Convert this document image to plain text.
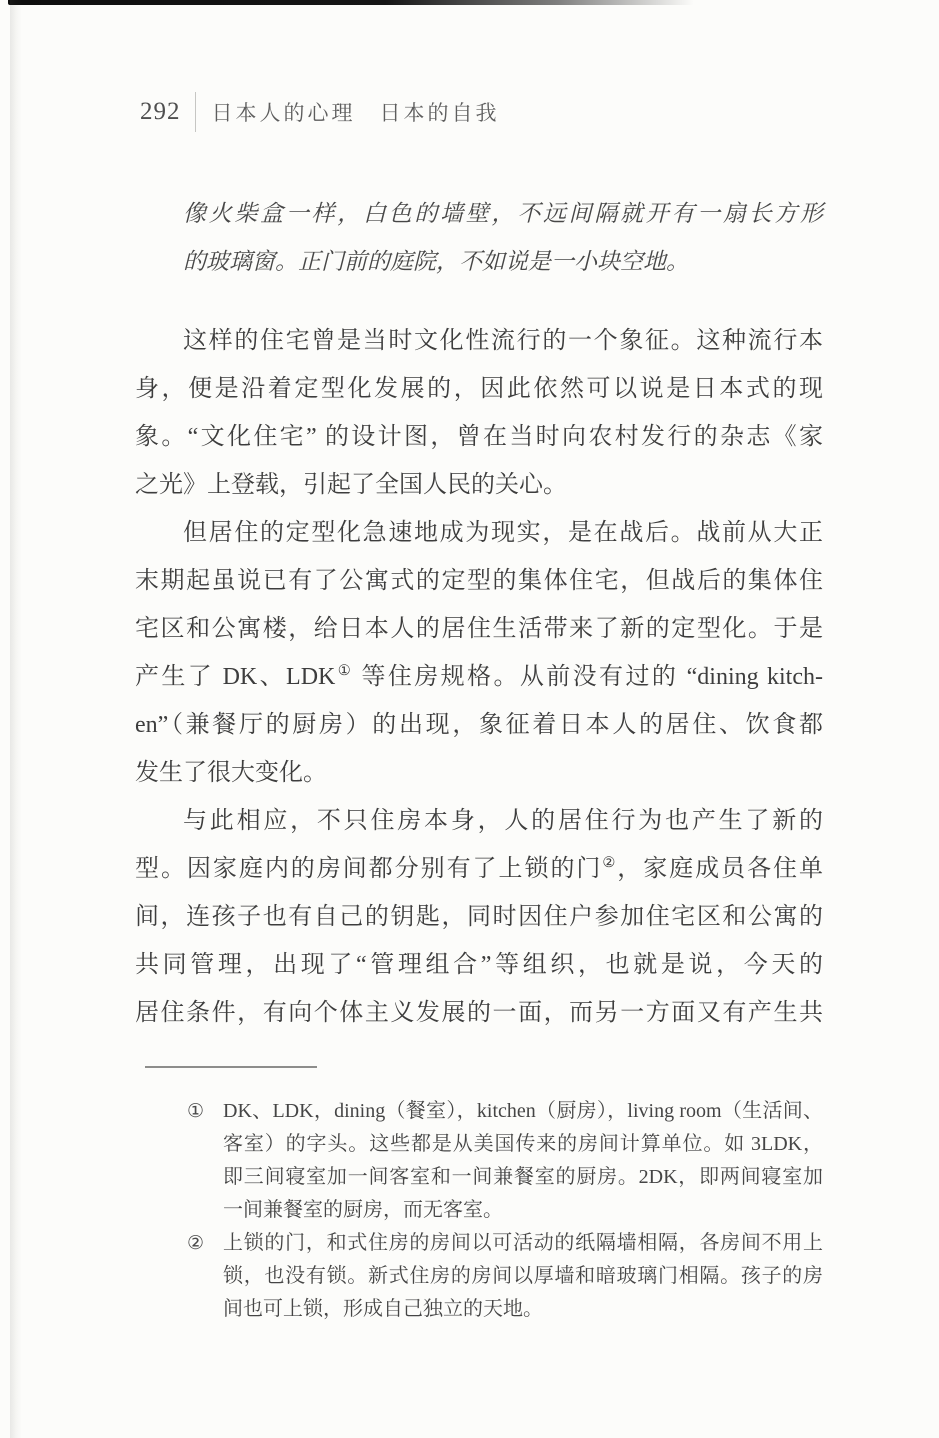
292 日本人的心理　日本的自我
像火柴盒一样，白色的墙壁，不远间隔就开有一扇长方形
的玻璃窗。正门前的庭院，不如说是一小块空地。
这样的住宅曾是当时文化性流行的一个象征。这种流行本
身，便是沿着定型化发展的，因此依然可以说是日本式的现
象。“文化住宅” 的设计图，曾在当时向农村发行的杂志《家
之光》上登载，引起了全国人民的关心。
但居住的定型化急速地成为现实，是在战后。战前从大正
末期起虽说已有了公寓式的定型的集体住宅，但战后的集体住
宅区和公寓楼，给日本人的居住生活带来了新的定型化。于是
产生了 DK、LDK① 等住房规格。从前没有过的 “dining kitch-
en”（兼餐厅的厨房）的出现，象征着日本人的居住、饮食都
发生了很大变化。
与此相应，不只住房本身，人的居住行为也产生了新的
型。因家庭内的房间都分别有了上锁的门②，家庭成员各住单
间，连孩子也有自己的钥匙，同时因住户参加住宅区和公寓的
共同管理，出现了“管理组合”等组织，也就是说，今天的
居住条件，有向个体主义发展的一面，而另一方面又有产生共
① DK、LDK，dining（餐室），kitchen（厨房），living room（生活间、
客室）的字头。这些都是从美国传来的房间计算单位。如 3LDK，
即三间寝室加一间客室和一间兼餐室的厨房。2DK，即两间寝室加
一间兼餐室的厨房，而无客室。
② 上锁的门，和式住房的房间以可活动的纸隔墙相隔，各房间不用上
锁，也没有锁。新式住房的房间以厚墙和暗玻璃门相隔。孩子的房
间也可上锁，形成自己独立的天地。
